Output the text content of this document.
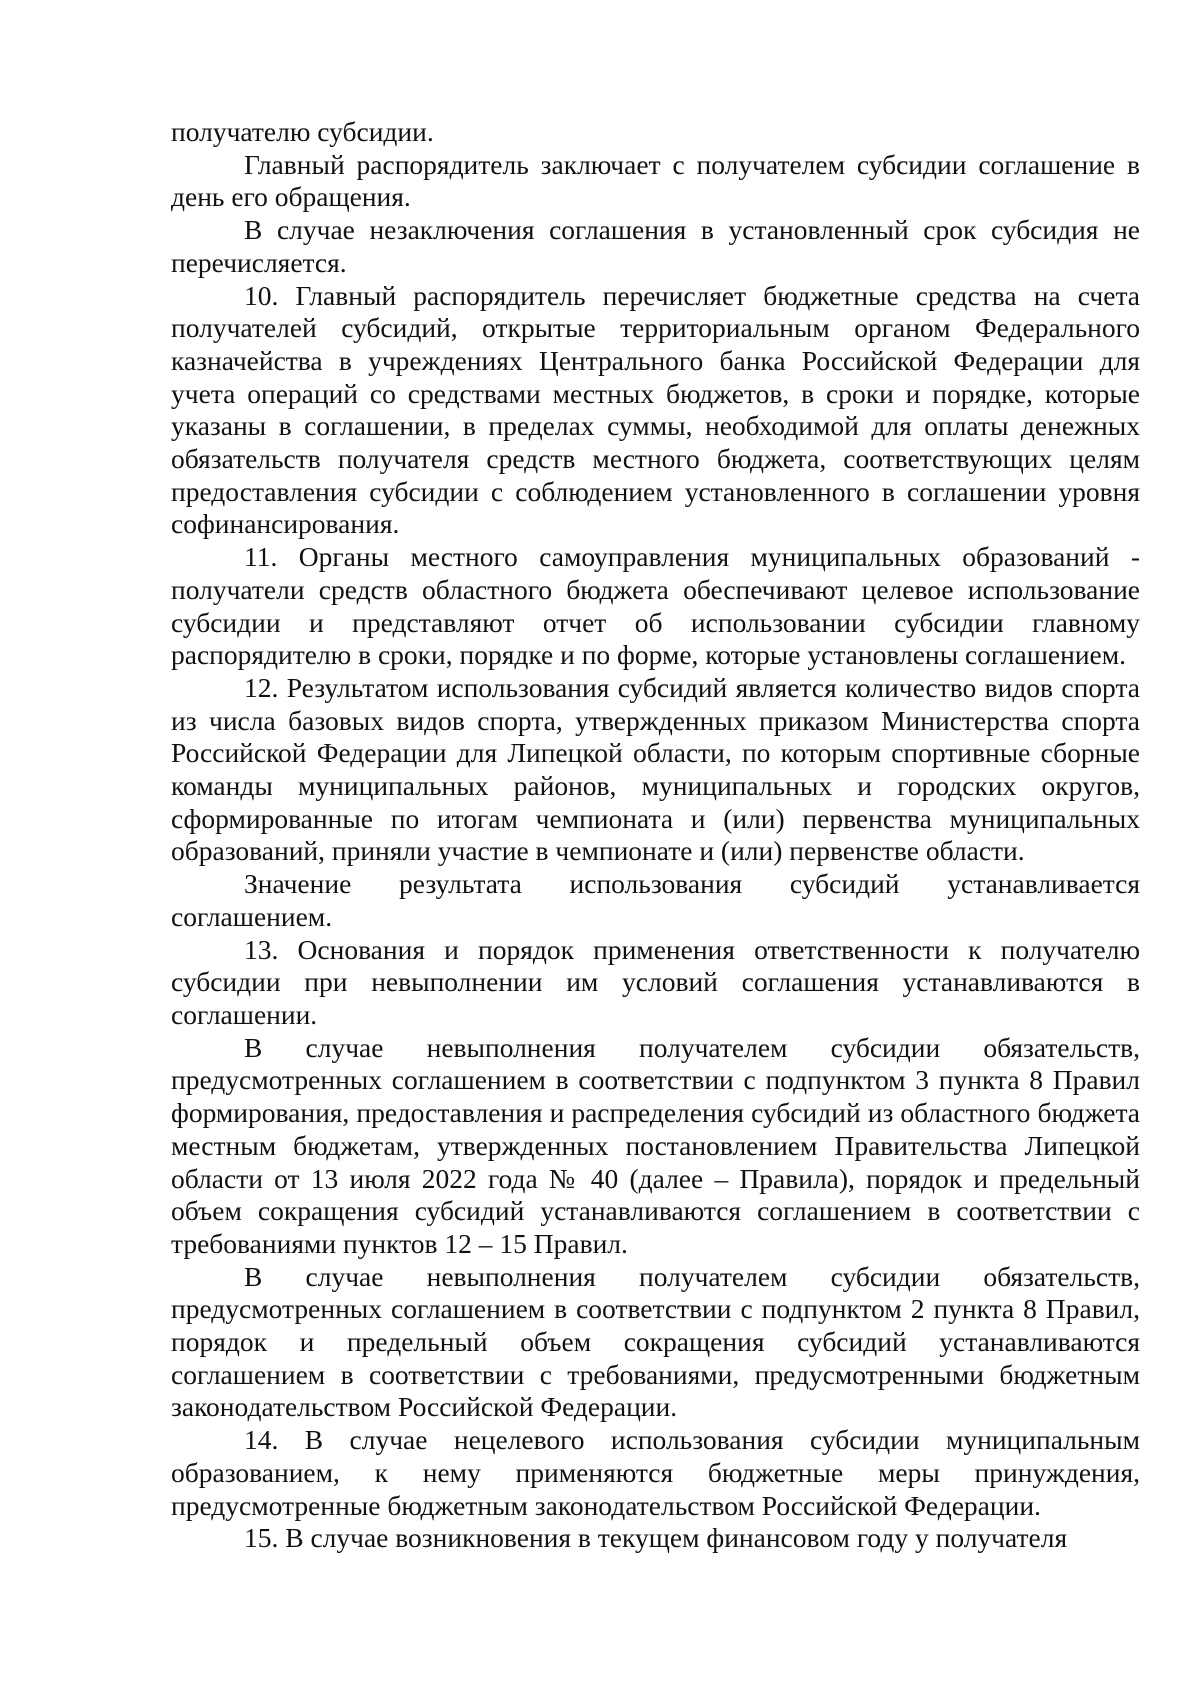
получателю субсидии.

Главный распорядитель заключает с получателем субсидии соглашение в день его обращения.

В случае незаключения соглашения в установленный срок субсидия не перечисляется.

10. Главный распорядитель перечисляет бюджетные средства на счета получателей субсидий, открытые территориальным органом Федерального казначейства в учреждениях Центрального банка Российской Федерации для учета операций со средствами местных бюджетов, в сроки и порядке, которые указаны в соглашении, в пределах суммы, необходимой для оплаты денежных обязательств получателя средств местного бюджета, соответствующих целям предоставления субсидии с соблюдением установленного в соглашении уровня софинансирования.

11. Органы местного самоуправления муниципальных образований - получатели средств областного бюджета обеспечивают целевое использование субсидии и представляют отчет об использовании субсидии главному распорядителю в сроки, порядке и по форме, которые установлены соглашением.

12. Результатом использования субсидий является количество видов спорта из числа базовых видов спорта, утвержденных приказом Министерства спорта Российской Федерации для Липецкой области, по которым спортивные сборные команды муниципальных районов, муниципальных и городских округов, сформированные по итогам чемпионата и (или) первенства муниципальных образований, приняли участие в чемпионате и (или) первенстве области.

Значение результата использования субсидий устанавливается соглашением.

13. Основания и порядок применения ответственности к получателю субсидии при невыполнении им условий соглашения устанавливаются в соглашении.

В случае невыполнения получателем субсидии обязательств, предусмотренных соглашением в соответствии с подпунктом 3 пункта 8 Правил формирования, предоставления и распределения субсидий из областного бюджета местным бюджетам, утвержденных постановлением Правительства Липецкой области от 13 июля 2022 года № 40 (далее – Правила), порядок и предельный объем сокращения субсидий устанавливаются соглашением в соответствии с требованиями пунктов 12 – 15 Правил.

В случае невыполнения получателем субсидии обязательств, предусмотренных соглашением в соответствии с подпунктом 2 пункта 8 Правил, порядок и предельный объем сокращения субсидий устанавливаются соглашением в соответствии с требованиями, предусмотренными бюджетным законодательством Российской Федерации.

14. В случае нецелевого использования субсидии муниципальным образованием, к нему применяются бюджетные меры принуждения, предусмотренные бюджетным законодательством Российской Федерации.

15. В случае возникновения в текущем финансовом году у получателя
